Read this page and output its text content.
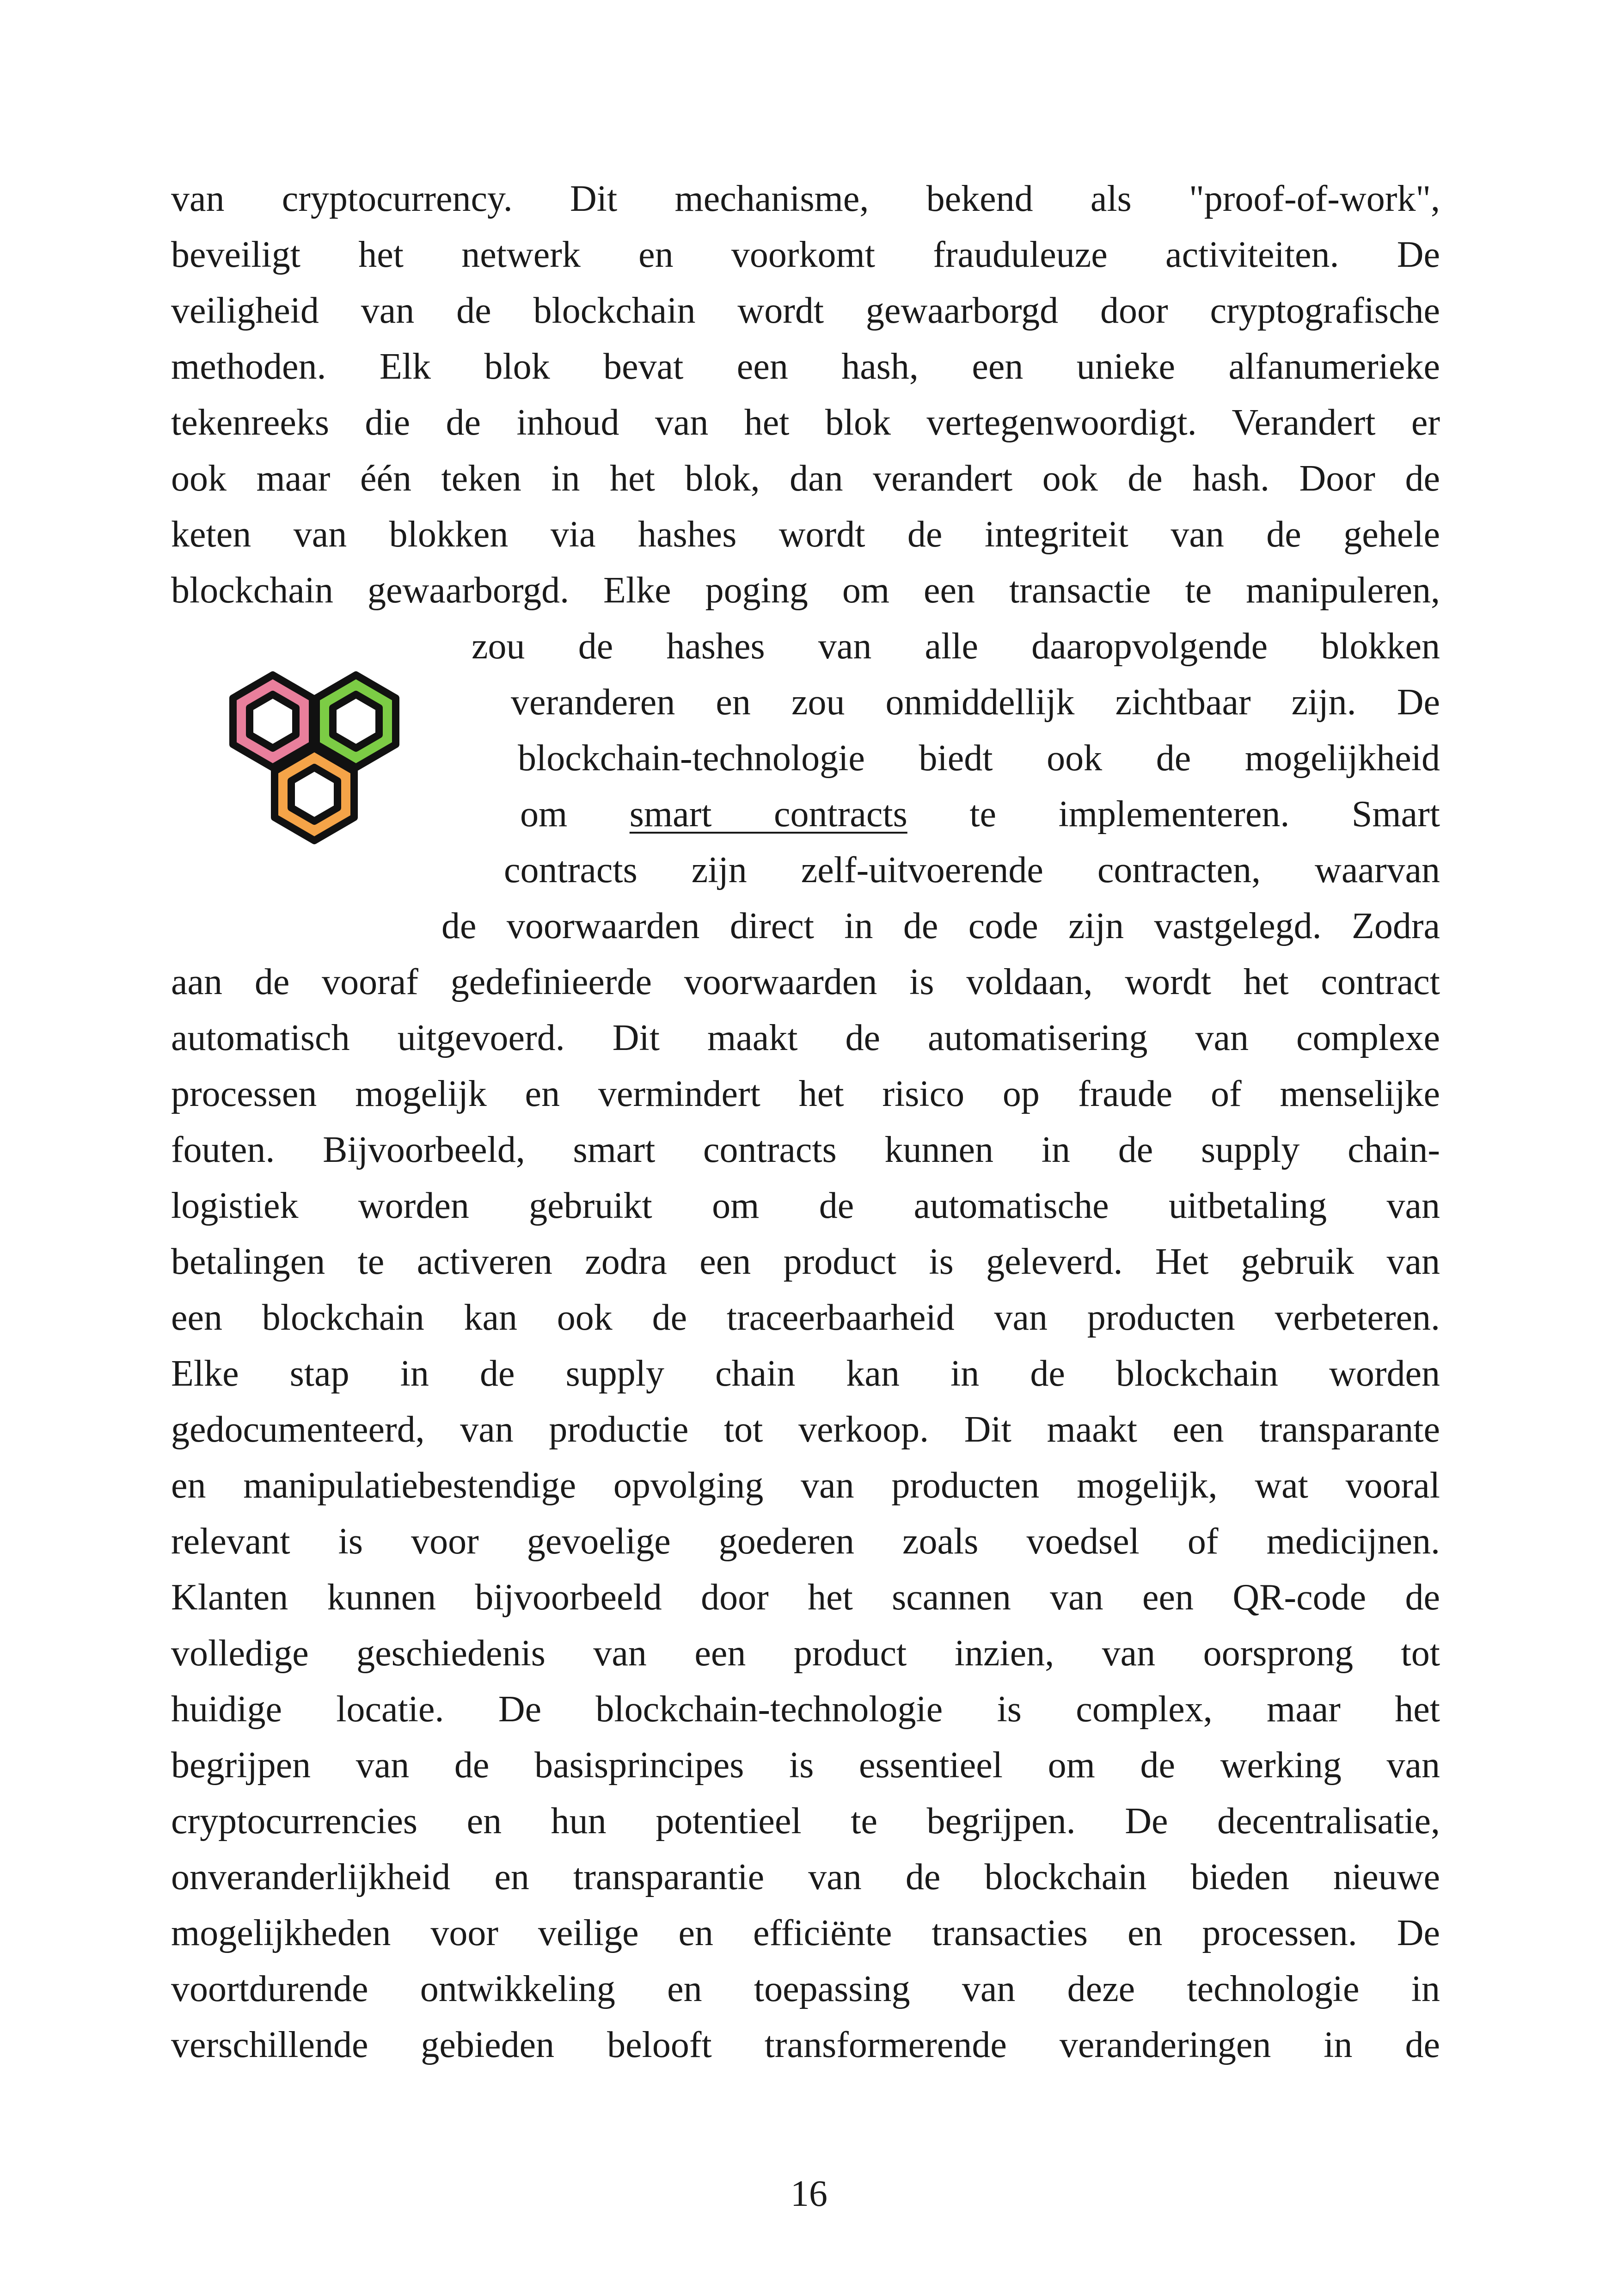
van cryptocurrency. Dit mechanisme, bekend als "proof-of-work",
beveiligt het netwerk en voorkomt frauduleuze activiteiten. De
veiligheid van de blockchain wordt gewaarborgd door cryptografische
methoden. Elk blok bevat een hash, een unieke alfanumerieke
tekenreeks die de inhoud van het blok vertegenwoordigt. Verandert er
ook maar één teken in het blok, dan verandert ook de hash. Door de
keten van blokken via hashes wordt de integriteit van de gehele
blockchain gewaarborgd. Elke poging om een transactie te manipuleren,
zou de hashes van alle daaropvolgende blokken
veranderen en zou onmiddellijk zichtbaar zijn. De
blockchain-technologie biedt ook de mogelijkheid
om smart contracts te implementeren. Smart
contracts zijn zelf-uitvoerende contracten, waarvan
de voorwaarden direct in de code zijn vastgelegd. Zodra
aan de vooraf gedefinieerde voorwaarden is voldaan, wordt het contract
automatisch uitgevoerd. Dit maakt de automatisering van complexe
processen mogelijk en vermindert het risico op fraude of menselijke
fouten. Bijvoorbeeld, smart contracts kunnen in de supply chain-
logistiek worden gebruikt om de automatische uitbetaling van
betalingen te activeren zodra een product is geleverd. Het gebruik van
een blockchain kan ook de traceerbaarheid van producten verbeteren.
Elke stap in de supply chain kan in de blockchain worden
gedocumenteerd, van productie tot verkoop. Dit maakt een transparante
en manipulatiebestendige opvolging van producten mogelijk, wat vooral
relevant is voor gevoelige goederen zoals voedsel of medicijnen.
Klanten kunnen bijvoorbeeld door het scannen van een QR-code de
volledige geschiedenis van een product inzien, van oorsprong tot
huidige locatie. De blockchain-technologie is complex, maar het
begrijpen van de basisprincipes is essentieel om de werking van
cryptocurrencies en hun potentieel te begrijpen. De decentralisatie,
onveranderlijkheid en transparantie van de blockchain bieden nieuwe
mogelijkheden voor veilige en efficiënte transacties en processen. De
voortdurende ontwikkeling en toepassing van deze technologie in
verschillende gebieden belooft transformerende veranderingen in de
16
